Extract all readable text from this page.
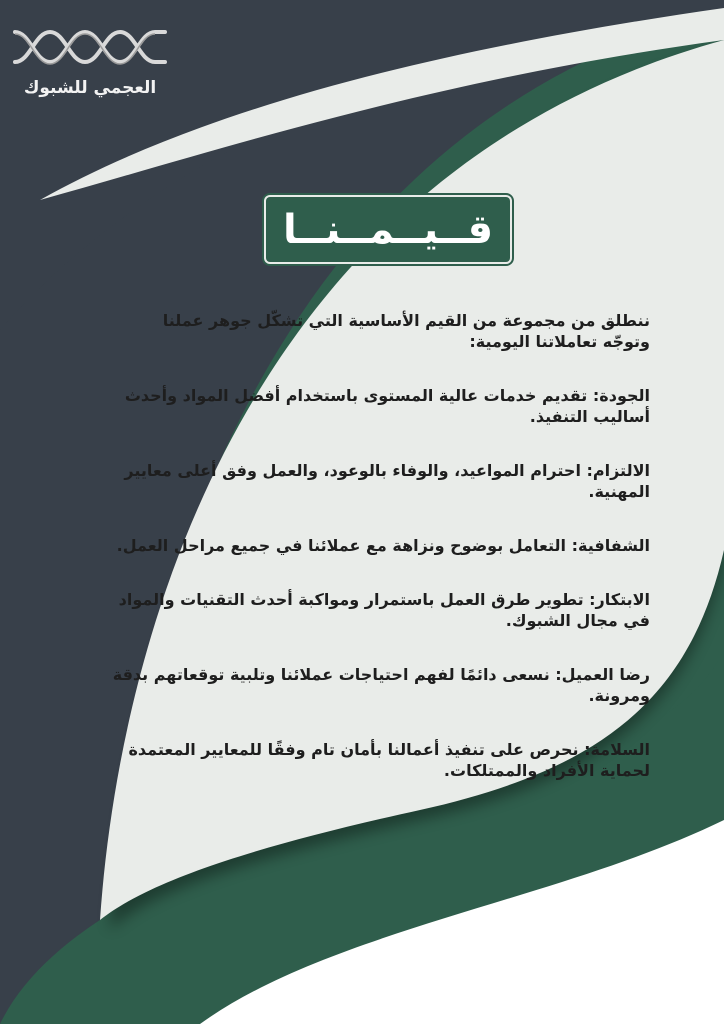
العجمي للشبوك
قــيــمــنــا

ننطلق من مجموعة من القيم الأساسية التي تشكّل جوهر عملنا وتوجّه تعاملاتنا اليومية:

الجودة: تقديم خدمات عالية المستوى باستخدام أفضل المواد وأحدث أساليب التنفيذ.

الالتزام: احترام المواعيد، والوفاء بالوعود، والعمل وفق أعلى معايير المهنية.

الشفافية: التعامل بوضوح ونزاهة مع عملائنا في جميع مراحل العمل.

الابتكار: تطوير طرق العمل باستمرار ومواكبة أحدث التقنيات والمواد في مجال الشبوك.

رضا العميل: نسعى دائمًا لفهم احتياجات عملائنا وتلبية توقعاتهم بدقة ومرونة.

السلامة: نحرص على تنفيذ أعمالنا بأمان تام وفقًا للمعايير المعتمدة لحماية الأفراد والممتلكات.
